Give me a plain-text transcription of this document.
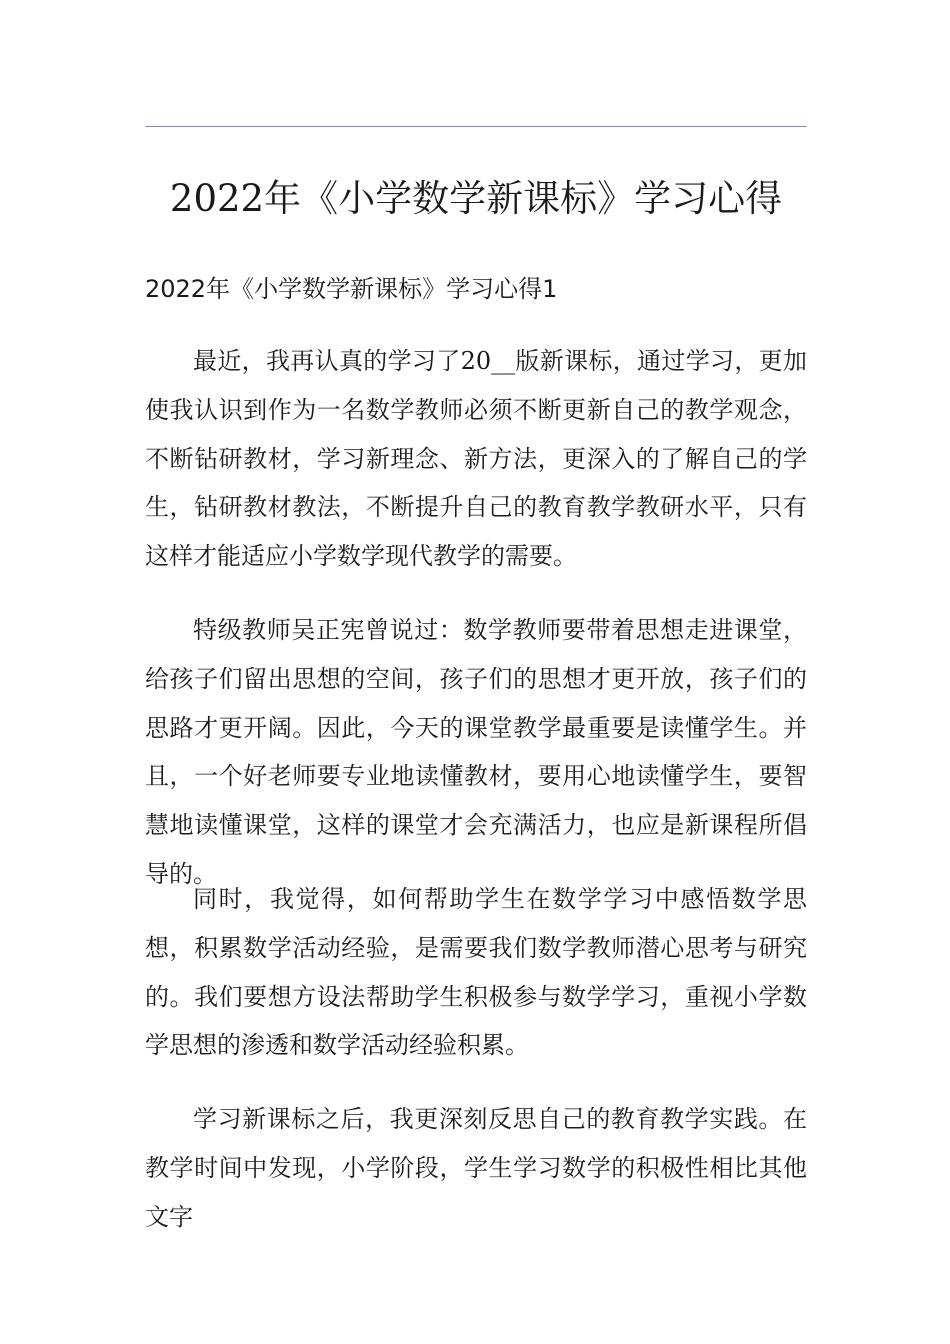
2022年《小学数学新课标》学习心得
2022年《小学数学新课标》学习心得1

最近，我再认真的学习了20__版新课标，通过学习，更加使我认识到作为一名数学教师必须不断更新自己的教学观念，不断钻研教材，学习新理念、新方法，更深入的了解自己的学生，钻研教材教法，不断提升自己的教育教学教研水平，只有这样才能适应小学数学现代教学的需要。

特级教师吴正宪曾说过：数学教师要带着思想走进课堂，给孩子们留出思想的空间，孩子们的思想才更开放，孩子们的思路才更开阔。因此，今天的课堂教学最重要是读懂学生。并且，一个好老师要专业地读懂教材，要用心地读懂学生，要智慧地读懂课堂，这样的课堂才会充满活力，也应是新课程所倡导的。

同时，我觉得，如何帮助学生在数学学习中感悟数学思想，积累数学活动经验，是需要我们数学教师潜心思考与研究的。我们要想方设法帮助学生积极参与数学学习，重视小学数学思想的渗透和数学活动经验积累。

学习新课标之后，我更深刻反思自己的教育教学实践。在教学时间中发现，小学阶段，学生学习数学的积极性相比其他文字
